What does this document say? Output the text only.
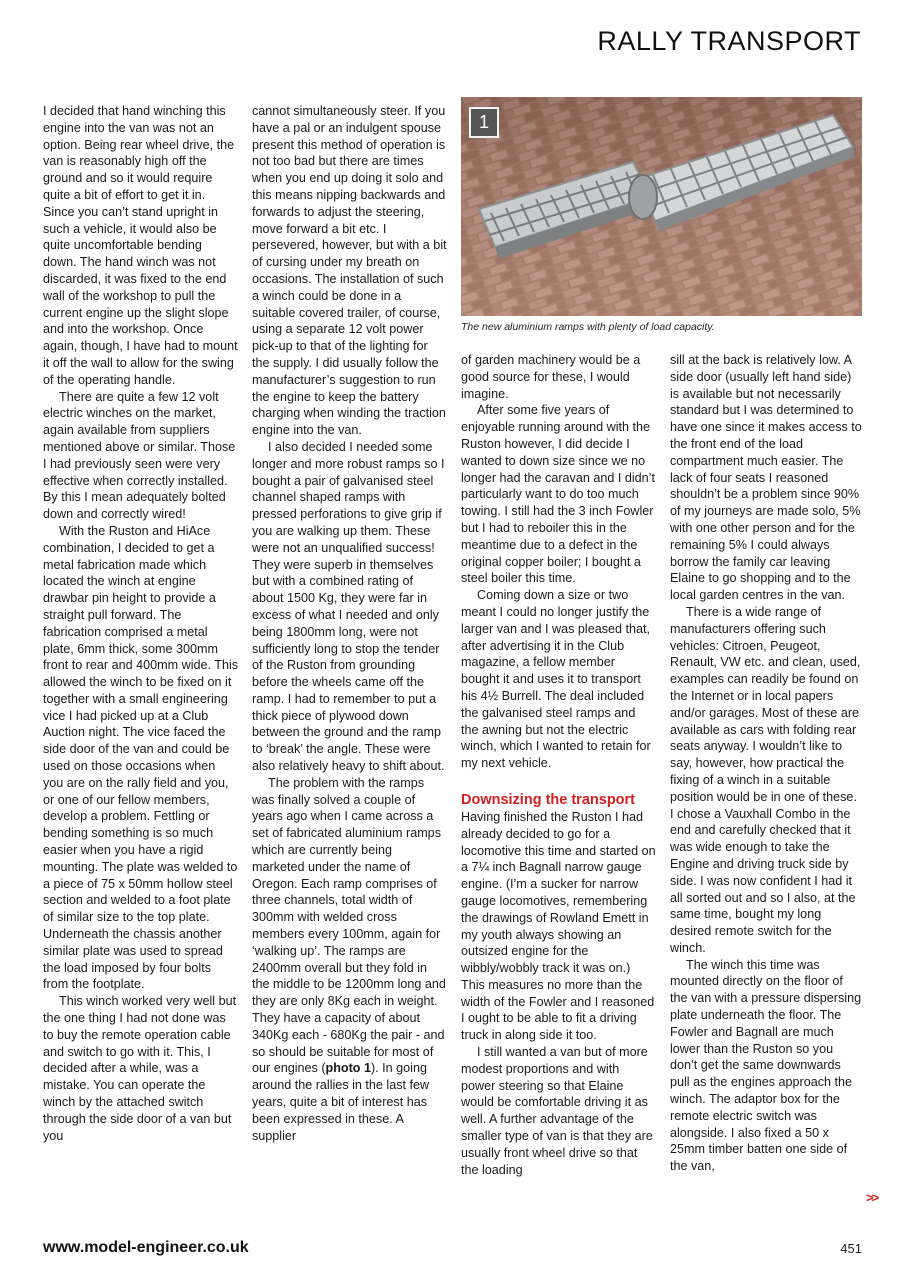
RALLY TRANSPORT

I decided that hand winching this engine into the van was not an option. Being rear wheel drive, the van is reasonably high off the ground and so it would require quite a bit of effort to get it in. Since you can’t stand upright in such a vehicle, it would also be quite uncomfortable bending down. The hand winch was not discarded, it was fixed to the end wall of the workshop to pull the current engine up the slight slope and into the workshop. Once again, though, I have had to mount it off the wall to allow for the swing of the operating handle.

There are quite a few 12 volt electric winches on the market, again available from suppliers mentioned above or similar. Those I had previously seen were very effective when correctly installed. By this I mean adequately bolted down and correctly wired!

With the Ruston and HiAce combination, I decided to get a metal fabrication made which located the winch at engine drawbar pin height to provide a straight pull forward. The fabrication comprised a metal plate, 6mm thick, some 300mm front to rear and 400mm wide. This allowed the winch to be fixed on it together with a small engineering vice I had picked up at a Club Auction night. The vice faced the side door of the van and could be used on those occasions when you are on the rally field and you, or one of our fellow members, develop a problem. Fettling or bending something is so much easier when you have a rigid mounting. The plate was welded to a piece of 75 x 50mm hollow steel section and welded to a foot plate of similar size to the top plate. Underneath the chassis another similar plate was used to spread the load imposed by four bolts from the footplate.

This winch worked very well but the one thing I had not done was to buy the remote operation cable and switch to go with it. This, I decided after a while, was a mistake. You can operate the winch by the attached switch through the side door of a van but you

cannot simultaneously steer. If you have a pal or an indulgent spouse present this method of operation is not too bad but there are times when you end up doing it solo and this means nipping backwards and forwards to adjust the steering, move forward a bit etc. I persevered, however, but with a bit of cursing under my breath on occasions. The installation of such a winch could be done in a suitable covered trailer, of course, using a separate 12 volt power pick-up to that of the lighting for the supply. I did usually follow the manufacturer’s suggestion to run the engine to keep the battery charging when winding the traction engine into the van.

I also decided I needed some longer and more robust ramps so I bought a pair of galvanised steel channel shaped ramps with pressed perforations to give grip if you are walking up them. These were not an unqualified success! They were superb in themselves but with a combined rating of about 1500 Kg, they were far in excess of what I needed and only being 1800mm long, were not sufficiently long to stop the tender of the Ruston from grounding before the wheels came off the ramp. I had to remember to put a thick piece of plywood down between the ground and the ramp to ‘break’ the angle. These were also relatively heavy to shift about.

The problem with the ramps was finally solved a couple of years ago when I came across a set of fabricated aluminium ramps which are currently being marketed under the name of Oregon. Each ramp comprises of three channels, total width of 300mm with welded cross members every 100mm, again for ‘walking up’. The ramps are 2400mm overall but they fold in the middle to be 1200mm long and they are only 8Kg each in weight. They have a capacity of about 340Kg each - 680Kg the pair - and so should be suitable for most of our engines (photo 1). In going around the rallies in the last few years, quite a bit of interest has been expressed in these. A supplier

1
The new aluminium ramps with plenty of load capacity.

of garden machinery would be a good source for these, I would imagine.

After some five years of enjoyable running around with the Ruston however, I did decide I wanted to down size since we no longer had the caravan and I didn’t particularly want to do too much towing. I still had the 3 inch Fowler but I had to reboiler this in the meantime due to a defect in the original copper boiler; I bought a steel boiler this time.

Coming down a size or two meant I could no longer justify the larger van and I was pleased that, after advertising it in the Club magazine, a fellow member bought it and uses it to transport his 4½ Burrell. The deal included the galvanised steel ramps and the awning but not the electric winch, which I wanted to retain for my next vehicle.

Downsizing the transport

Having finished the Ruston I had already decided to go for a locomotive this time and started on a 7¼ inch Bagnall narrow gauge engine. (I’m a sucker for narrow gauge locomotives, remembering the drawings of Rowland Emett in my youth always showing an outsized engine for the wibbly/wobbly track it was on.) This measures no more than the width of the Fowler and I reasoned I ought to be able to fit a driving truck in along side it too.

I still wanted a van but of more modest proportions and with power steering so that Elaine would be comfortable driving it as well. A further advantage of the smaller type of van is that they are usually front wheel drive so that the loading

sill at the back is relatively low. A side door (usually left hand side) is available but not necessarily standard but I was determined to have one since it makes access to the front end of the load compartment much easier. The lack of four seats I reasoned shouldn’t be a problem since 90% of my journeys are made solo, 5% with one other person and for the remaining 5% I could always borrow the family car leaving Elaine to go shopping and to the local garden centres in the van.

There is a wide range of manufacturers offering such vehicles: Citroen, Peugeot, Renault, VW etc. and clean, used, examples can readily be found on the Internet or in local papers and/or garages. Most of these are available as cars with folding rear seats anyway. I wouldn’t like to say, however, how practical the fixing of a winch in a suitable position would be in one of these. I chose a Vauxhall Combo in the end and carefully checked that it was wide enough to take the Engine and driving truck side by side. I was now confident I had it all sorted out and so I also, at the same time, bought my long desired remote switch for the winch.

The winch this time was mounted directly on the floor of the van with a pressure dispersing plate underneath the floor. The Fowler and Bagnall are much lower than the Ruston so you don’t get the same downwards pull as the engines approach the winch. The adaptor box for the remote electric switch was alongside. I also fixed a 50 x 25mm timber batten one side of the van,

>>
www.model-engineer.co.uk	451
